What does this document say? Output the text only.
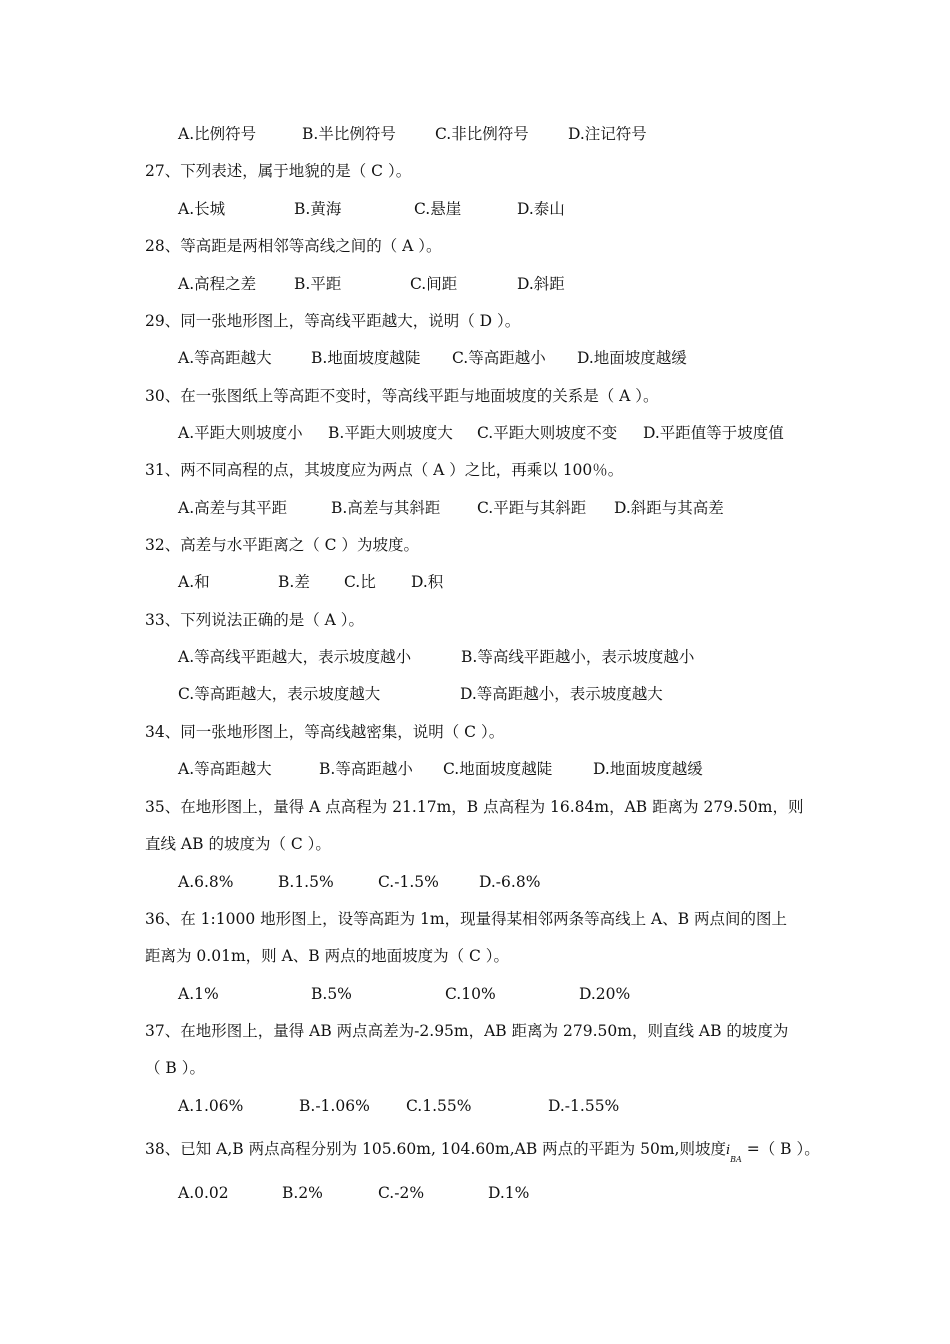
A.比例符号	B.半比例符号	C.非比例符号	D.注记符号
27、下列表述，属于地貌的是（ C ）。
A.长城	B.黄海	C.悬崖	D.泰山
28、等高距是两相邻等高线之间的（ A ）。
A.高程之差 B.平距	C.间距	D.斜距
29、同一张地形图上，等高线平距越大，说明（ D ）。
A.等高距越大	B.地面坡度越陡 C.等高距越小 D.地面坡度越缓
30、在一张图纸上等高距不变时，等高线平距与地面坡度的关系是（ A ）。
A.平距大则坡度小 B.平距大则坡度大 C.平距大则坡度不变 D.平距值等于坡度值
31、两不同高程的点，其坡度应为两点（ A ）之比，再乘以 100％。
A.高差与其平距	B.高差与其斜距 C.平距与其斜距 D.斜距与其高差
32、高差与水平距离之（ C ）为坡度。
A.和	B.差 C.比 D.积
33、下列说法正确的是（ A ）。
A.等高线平距越大，表示坡度越小	B.等高线平距越小，表示坡度越小
C.等高距越大，表示坡度越大	D.等高距越小，表示坡度越大
34、同一张地形图上，等高线越密集，说明（ C ）。
A.等高距越大	B.等高距越小 C.地面坡度越陡	D.地面坡度越缓
35、在地形图上，量得 A 点高程为 21.17m，B 点高程为 16.84m，AB 距离为 279.50m，则
直线 AB 的坡度为（ C ）。
A.6.8%	B.1.5%	C.-1.5%	D.-6.8%
36、在 1:1000 地形图上，设等高距为 1m，现量得某相邻两条等高线上 A、B 两点间的图上
距离为 0.01m，则 A、B 两点的地面坡度为（ C ）。
A.1%	B.5%	C.10%	D.20%
37、在地形图上，量得 AB 两点高差为-2.95m，AB 距离为 279.50m，则直线 AB 的坡度为
（ B ）。
A.1.06%	B.-1.06% C.1.55%	D.-1.55%
38、已知 A,B 两点高程分别为 105.60m, 104.60m,AB 两点的平距为 50m,则坡度$i_{BA}$ =（ B ）。
A.0.02	B.2%	C.-2%	D.1%
